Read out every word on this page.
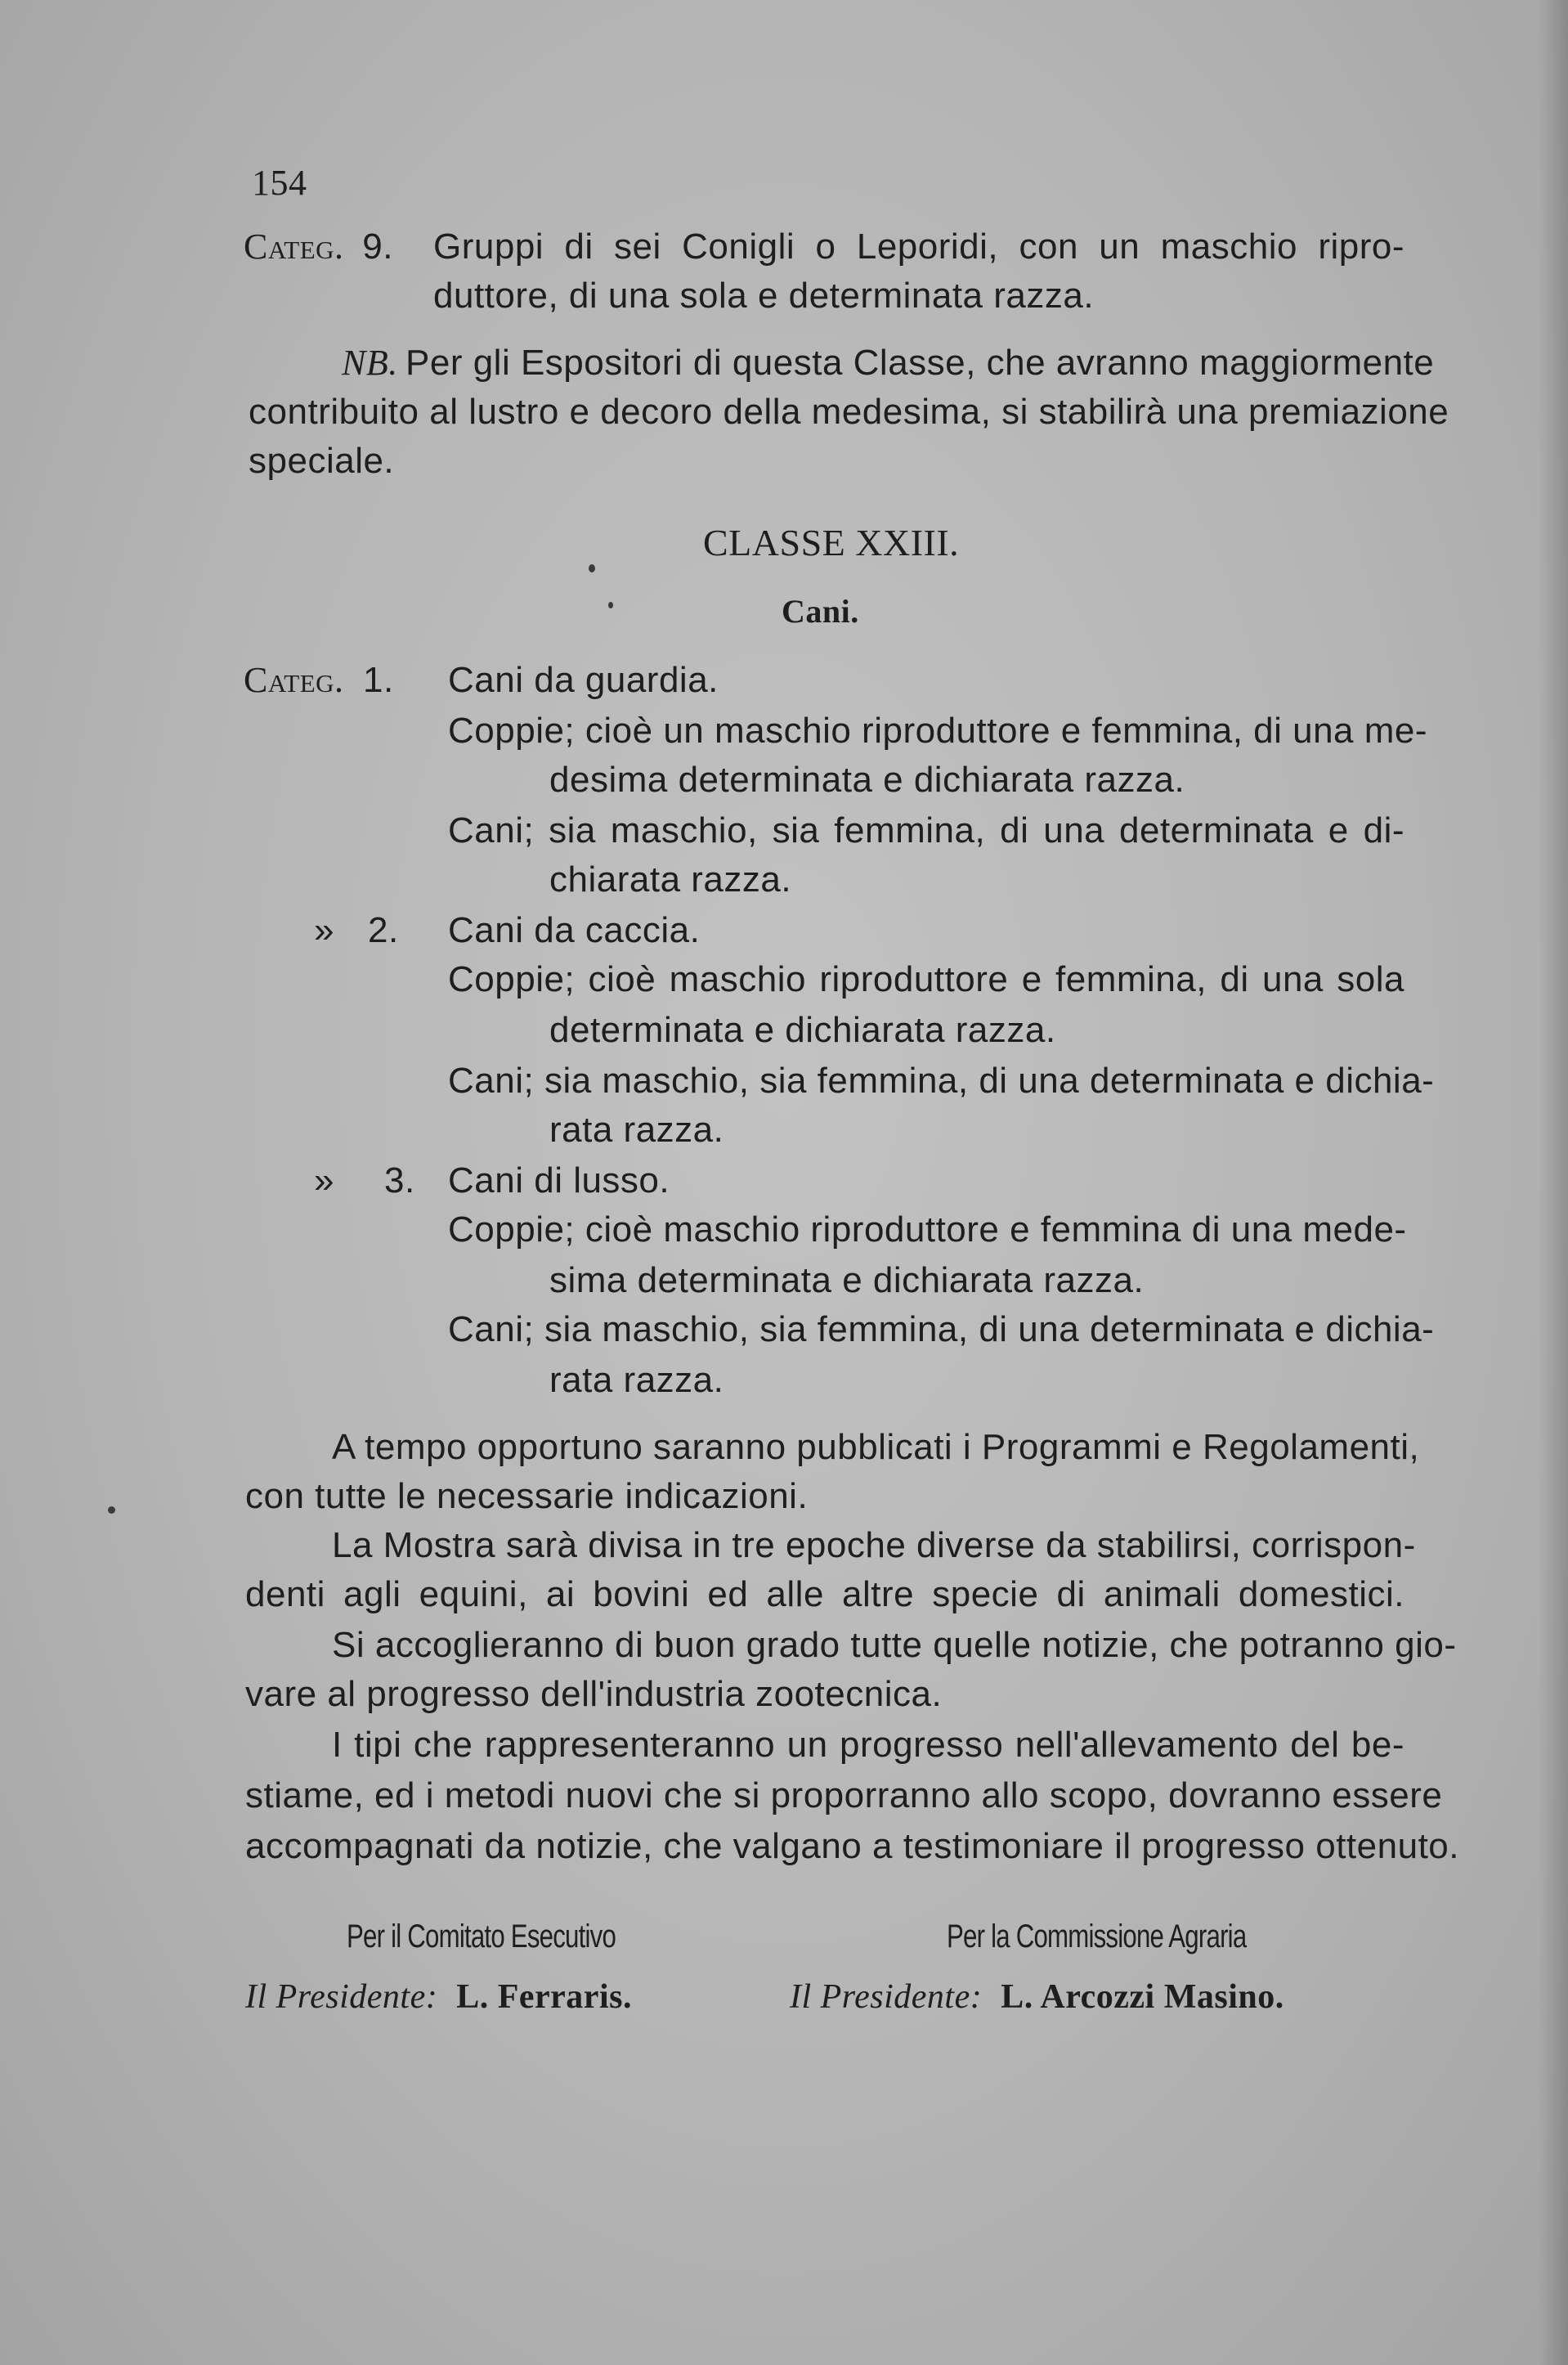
154
Categ. 9. Gruppi di sei Conigli o Leporidi, con un maschio ripro-
duttore, di una sola e determinata razza.
NB. Per gli Espositori di questa Classe, che avranno maggiormente
contribuito al lustro e decoro della medesima, si stabilirà una premiazione
speciale.
CLASSE XXIII.
Cani.
Categ. 1. Cani da guardia.
Coppie; cioè un maschio riproduttore e femmina, di una me-
desima determinata e dichiarata razza.
Cani; sia maschio, sia femmina, di una determinata e di-
chiarata razza.
» 2. Cani da caccia.
Coppie; cioè maschio riproduttore e femmina, di una sola
determinata e dichiarata razza.
Cani; sia maschio, sia femmina, di una determinata e dichia-
rata razza.
» 3. Cani di lusso.
Coppie; cioè maschio riproduttore e femmina di una mede-
sima determinata e dichiarata razza.
Cani; sia maschio, sia femmina, di una determinata e dichia-
rata razza.
A tempo opportuno saranno pubblicati i Programmi e Regolamenti,
con tutte le necessarie indicazioni.
La Mostra sarà divisa in tre epoche diverse da stabilirsi, corrispon-
denti agli equini, ai bovini ed alle altre specie di animali domestici.
Si accoglieranno di buon grado tutte quelle notizie, che potranno gio-
vare al progresso dell'industria zootecnica.
I tipi che rappresenteranno un progresso nell'allevamento del be-
stiame, ed i metodi nuovi che si proporranno allo scopo, dovranno essere
accompagnati da notizie, che valgano a testimoniare il progresso ottenuto.
Per il Comitato Esecutivo	Per la Commissione Agraria
Il Presidente: L. Ferraris.	Il Presidente: L. Arcozzi Masino.
